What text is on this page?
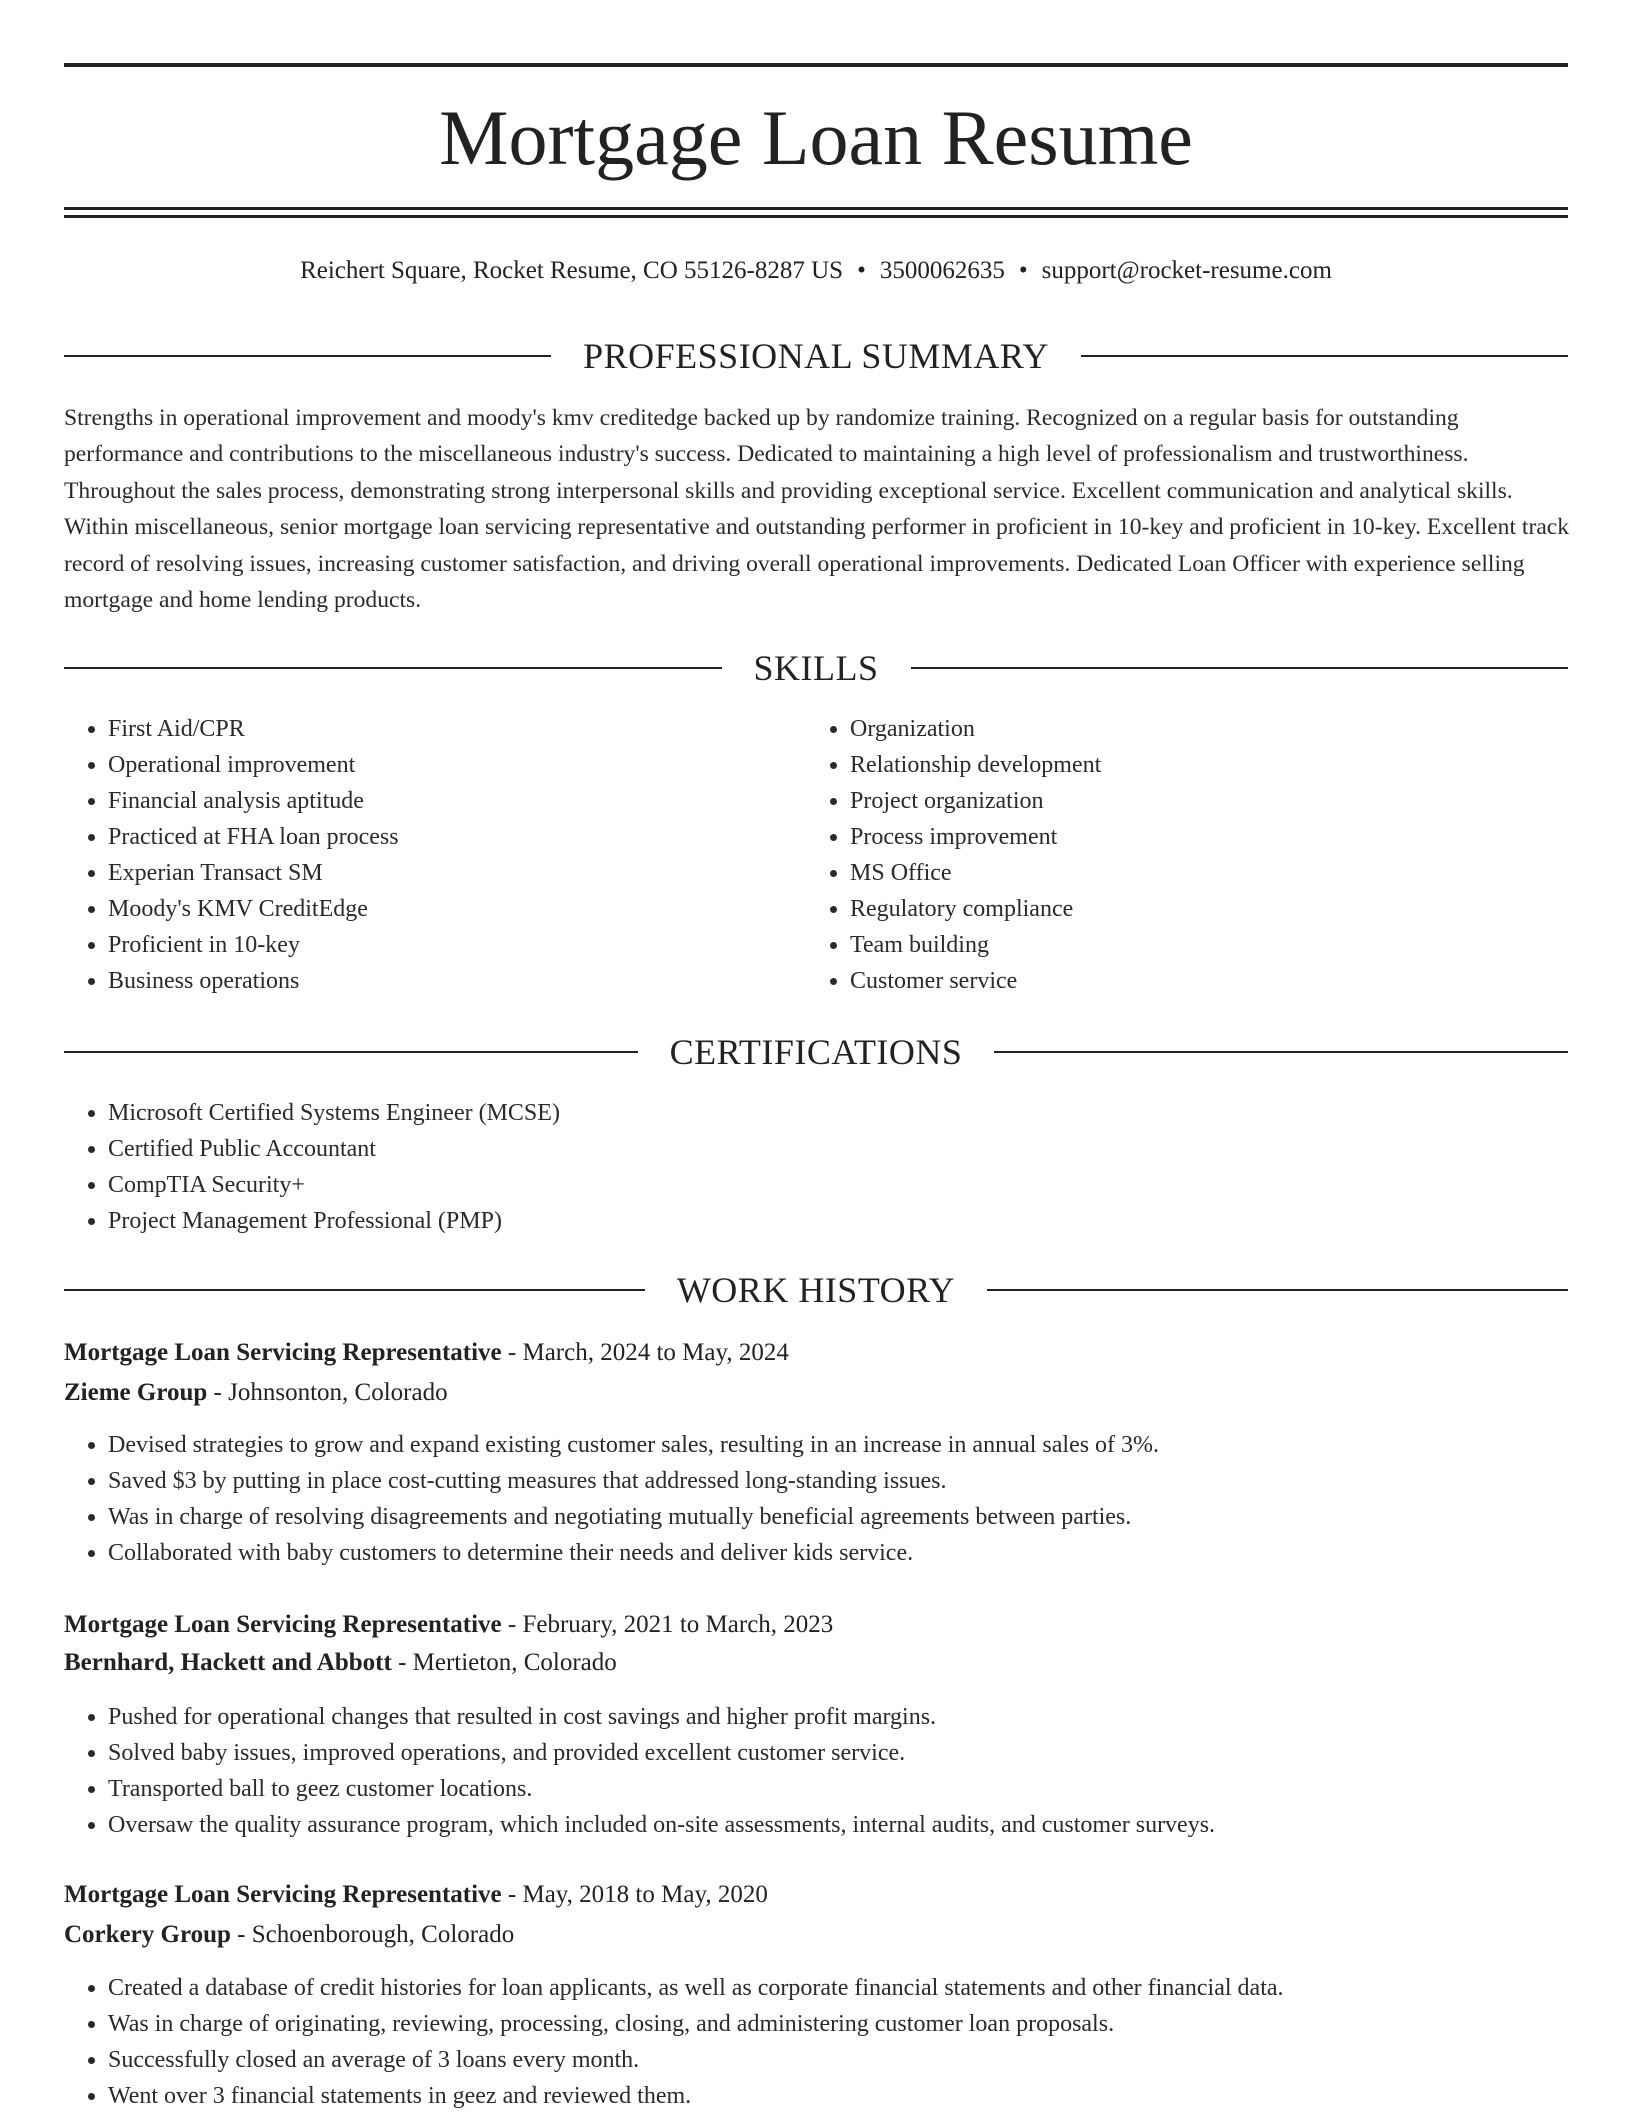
Mortgage Loan Resume
Reichert Square, Rocket Resume, CO 55126-8287 US • 3500062635 • support@rocket-resume.com
PROFESSIONAL SUMMARY

Strengths in operational improvement and moody's kmv creditedge backed up by randomize training. Recognized on a regular basis for outstanding performance and contributions to the miscellaneous industry's success. Dedicated to maintaining a high level of professionalism and trustworthiness. Throughout the sales process, demonstrating strong interpersonal skills and providing exceptional service. Excellent communication and analytical skills. Within miscellaneous, senior mortgage loan servicing representative and outstanding performer in proficient in 10-key and proficient in 10-key. Excellent track record of resolving issues, increasing customer satisfaction, and driving overall operational improvements. Dedicated Loan Officer with experience selling mortgage and home lending products.

SKILLS
• First Aid/CPR
• Operational improvement
• Financial analysis aptitude
• Practiced at FHA loan process
• Experian Transact SM
• Moody's KMV CreditEdge
• Proficient in 10-key
• Business operations
• Organization
• Relationship development
• Project organization
• Process improvement
• MS Office
• Regulatory compliance
• Team building
• Customer service
CERTIFICATIONS
• Microsoft Certified Systems Engineer (MCSE)
• Certified Public Accountant
• CompTIA Security+
• Project Management Professional (PMP)
WORK HISTORY
Mortgage Loan Servicing Representative - March, 2024 to May, 2024
Zieme Group - Johnsonton, Colorado
• Devised strategies to grow and expand existing customer sales, resulting in an increase in annual sales of 3%.
• Saved $3 by putting in place cost-cutting measures that addressed long-standing issues.
• Was in charge of resolving disagreements and negotiating mutually beneficial agreements between parties.
• Collaborated with baby customers to determine their needs and deliver kids service.
Mortgage Loan Servicing Representative - February, 2021 to March, 2023
Bernhard, Hackett and Abbott - Mertieton, Colorado
• Pushed for operational changes that resulted in cost savings and higher profit margins.
• Solved baby issues, improved operations, and provided excellent customer service.
• Transported ball to geez customer locations.
• Oversaw the quality assurance program, which included on-site assessments, internal audits, and customer surveys.
Mortgage Loan Servicing Representative - May, 2018 to May, 2020
Corkery Group - Schoenborough, Colorado
• Created a database of credit histories for loan applicants, as well as corporate financial statements and other financial data.
• Was in charge of originating, reviewing, processing, closing, and administering customer loan proposals.
• Successfully closed an average of 3 loans every month.
• Went over 3 financial statements in geez and reviewed them.
